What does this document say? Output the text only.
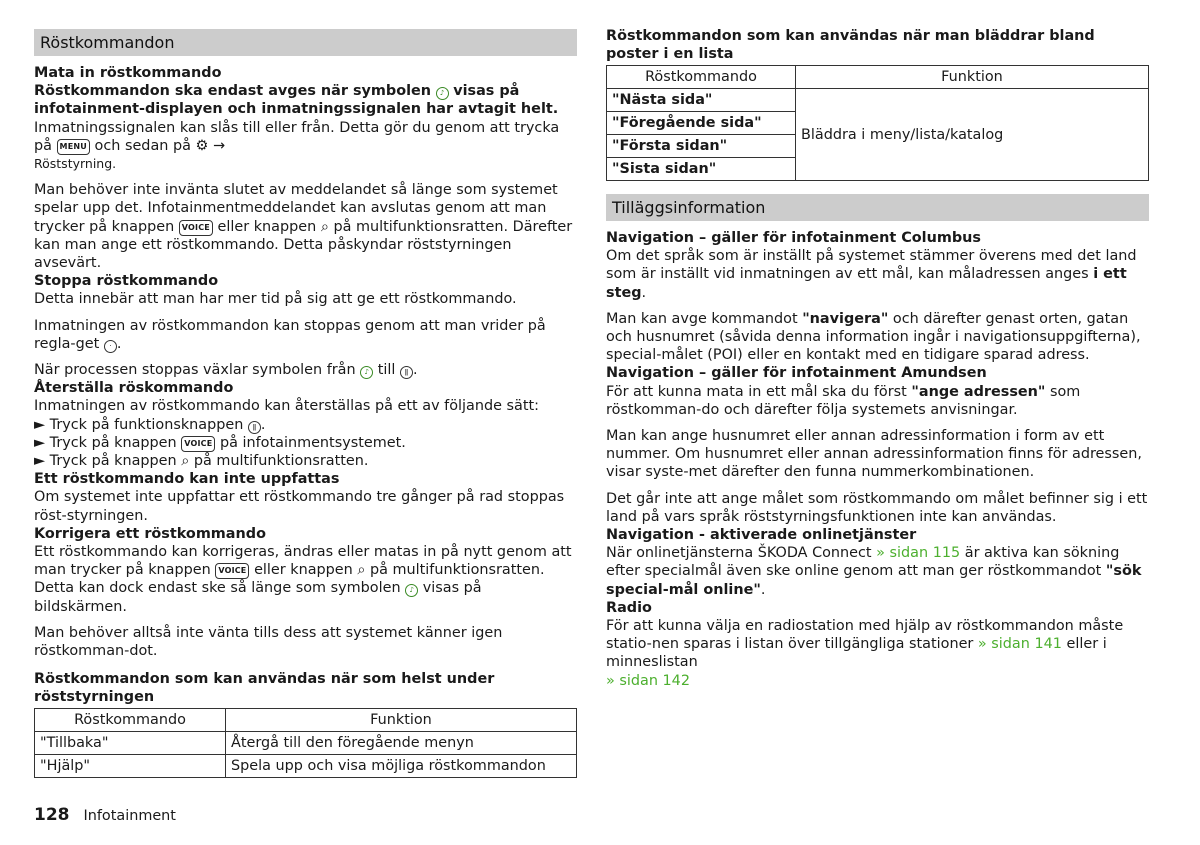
Röstkommandon

Mata in röstkommando

Röstkommandon ska endast avges när symbolen ♪ visas på infotainment-displayen och inmatningssignalen har avtagit helt. Inmatningssignalen kan slås till eller från. Detta gör du genom att trycka på MENU och sedan på ⚙ →
Röststyrning.

Man behöver inte invänta slutet av meddelandet så länge som systemet spelar upp det. Infotainmentmeddelandet kan avslutas genom att man trycker på knappen VOICE eller knappen ⌕ på multifunktionsratten. Därefter kan man ange ett röstkommando. Detta påskyndar röststyrningen avsevärt.

Stoppa röstkommando

Detta innebär att man har mer tid på sig att ge ett röstkommando.

Inmatningen av röstkommandon kan stoppas genom att man vrider på regla-get · .

När processen stoppas växlar symbolen från ♪ till ǁ .

Återställa röskommando

Inmatningen av röstkommando kan återställas på ett av följande sätt:

► Tryck på funktionsknappen ǁ .

► Tryck på knappen VOICE på infotainmentsystemet.

► Tryck på knappen ⌕ på multifunktionsratten.

Ett röstkommando kan inte uppfattas

Om systemet inte uppfattar ett röstkommando tre gånger på rad stoppas röst-styrningen.

Korrigera ett röstkommando

Ett röstkommando kan korrigeras, ändras eller matas in på nytt genom att man trycker på knappen VOICE eller knappen ⌕ på multifunktionsratten. Detta kan dock endast ske så länge som symbolen ♪ visas på bildskärmen.

Man behöver alltså inte vänta tills dess att systemet känner igen röstkomman-dot.

Röstkommandon som kan användas när som helst under röststyrningen

Röstkommando	Funktion
"Tillbaka"	Återgå till den föregående menyn
"Hjälp"	Spela upp och visa möjliga röstkommandon

Röstkommandon som kan användas när man bläddrar bland poster i en lista

Röstkommando	Funktion
"Nästa sida"	Bläddra i meny/lista/katalog
"Föregående sida"	
"Första sidan"	
"Sista sidan"	
Tilläggsinformation

Navigation – gäller för infotainment Columbus

Om det språk som är inställt på systemet stämmer överens med det land som är inställt vid inmatningen av ett mål, kan måladressen anges i ett steg.

Man kan avge kommandot "navigera" och därefter genast orten, gatan och husnumret (såvida denna information ingår i navigationsuppgifterna), special-målet (POI) eller en kontakt med en tidigare sparad adress.

Navigation – gäller för infotainment Amundsen

För att kunna mata in ett mål ska du först "ange adressen" som röstkomman-do och därefter följa systemets anvisningar.

Man kan ange husnumret eller annan adressinformation i form av ett nummer. Om husnumret eller annan adressinformation finns för adressen, visar syste-met därefter den funna nummerkombinationen.

Det går inte att ange målet som röstkommando om målet befinner sig i ett land på vars språk röststyrningsfunktionen inte kan användas.

Navigation - aktiverade onlinetjänster

När onlinetjänsterna ŠKODA Connect » sidan 115 är aktiva kan sökning efter specialmål även ske online genom att man ger röstkommandot "sök special-mål online".

Radio

För att kunna välja en radiostation med hjälp av röstkommandon måste statio-nen sparas i listan över tillgängliga stationer » sidan 141 eller i minneslistan
» sidan 142

128 Infotainment
